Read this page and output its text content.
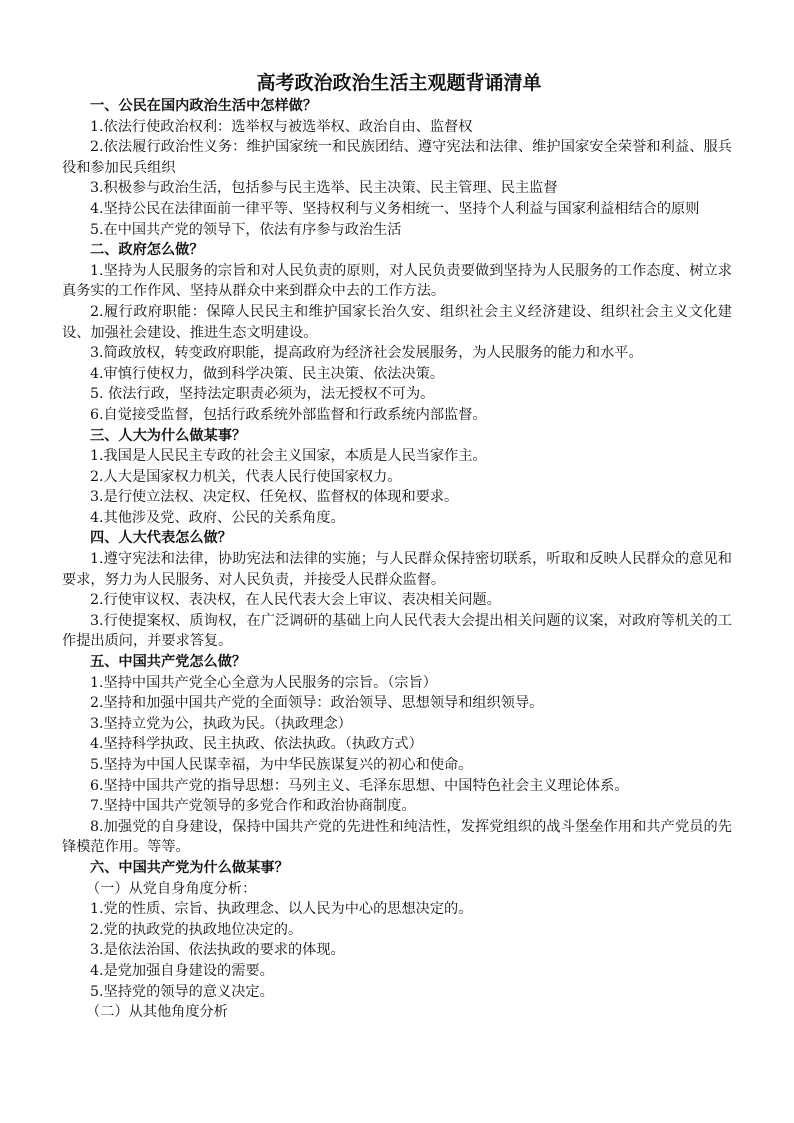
高考政治政治生活主观题背诵清单
一、公民在国内政治生活中怎样做？
1.依法行使政治权利：选举权与被选举权、政治自由、监督权
2.依法履行政治性义务：维护国家统一和民族团结、遵守宪法和法律、维护国家安全荣誉和利益、服兵役和参加民兵组织
3.积极参与政治生活，包括参与民主选举、民主决策、民主管理、民主监督
4.坚持公民在法律面前一律平等、坚持权利与义务相统一、坚持个人利益与国家利益相结合的原则
5.在中国共产党的领导下，依法有序参与政治生活
二、政府怎么做？
1.坚持为人民服务的宗旨和对人民负责的原则，对人民负责要做到坚持为人民服务的工作态度、树立求真务实的工作作风、坚持从群众中来到群众中去的工作方法。
2.履行政府职能：保障人民民主和维护国家长治久安、组织社会主义经济建设、组织社会主义文化建设、加强社会建设、推进生态文明建设。
3.简政放权，转变政府职能，提高政府为经济社会发展服务，为人民服务的能力和水平。
4.审慎行使权力，做到科学决策、民主决策、依法决策。
5. 依法行政，坚持法定职责必须为，法无授权不可为。
6.自觉接受监督，包括行政系统外部监督和行政系统内部监督。
三、人大为什么做某事？
1.我国是人民民主专政的社会主义国家，本质是人民当家作主。
2.人大是国家权力机关，代表人民行使国家权力。
3.是行使立法权、决定权、任免权、监督权的体现和要求。
4.其他涉及党、政府、公民的关系角度。
四、人大代表怎么做？
1.遵守宪法和法律，协助宪法和法律的实施；与人民群众保持密切联系，听取和反映人民群众的意见和要求，努力为人民服务、对人民负责，并接受人民群众监督。
2.行使审议权、表决权，在人民代表大会上审议、表决相关问题。
3.行使提案权、质询权，在广泛调研的基础上向人民代表大会提出相关问题的议案，对政府等机关的工作提出质问，并要求答复。
五、中国共产党怎么做？
1.坚持中国共产党全心全意为人民服务的宗旨。（宗旨）
2.坚持和加强中国共产党的全面领导：政治领导、思想领导和组织领导。
3.坚持立党为公，执政为民。（执政理念）
4.坚持科学执政、民主执政、依法执政。（执政方式）
5.坚持为中国人民谋幸福，为中华民族谋复兴的初心和使命。
6.坚持中国共产党的指导思想：马列主义、毛泽东思想、中国特色社会主义理论体系。
7.坚持中国共产党领导的多党合作和政治协商制度。
8.加强党的自身建设，保持中国共产党的先进性和纯洁性，发挥党组织的战斗堡垒作用和共产党员的先锋模范作用。等等。
六、中国共产党为什么做某事？
（一）从党自身角度分析：
1.党的性质、宗旨、执政理念、以人民为中心的思想决定的。
2.党的执政党的执政地位决定的。
3.是依法治国、依法执政的要求的体现。
4.是党加强自身建设的需要。
5.坚持党的领导的意义决定。
（二）从其他角度分析
